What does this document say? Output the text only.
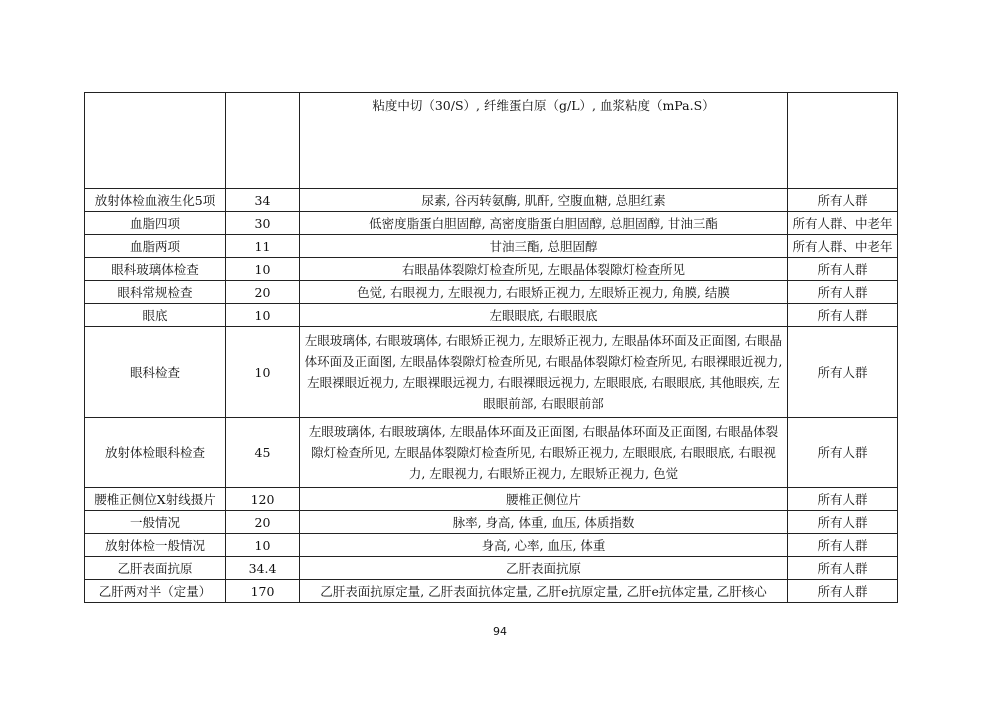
		粘度中切（30/S）, 纤维蛋白原（g/L）, 血浆粘度（mPa.S）	
放射体检血液生化5项	34	尿素, 谷丙转氨酶, 肌酐, 空腹血糖, 总胆红素	所有人群
血脂四项	30	低密度脂蛋白胆固醇, 高密度脂蛋白胆固醇, 总胆固醇, 甘油三酯	所有人群、中老年
血脂两项	11	甘油三酯, 总胆固醇	所有人群、中老年
眼科玻璃体检查	10	右眼晶体裂隙灯检查所见, 左眼晶体裂隙灯检查所见	所有人群
眼科常规检查	20	色觉, 右眼视力, 左眼视力, 右眼矫正视力, 左眼矫正视力, 角膜, 结膜	所有人群
眼底	10	左眼眼底, 右眼眼底	所有人群
眼科检查	10	左眼玻璃体, 右眼玻璃体, 右眼矫正视力, 左眼矫正视力, 左眼晶体环面及正面图, 右眼晶体环面及正面图, 左眼晶体裂隙灯检查所见, 右眼晶体裂隙灯检查所见, 右眼裸眼近视力, 左眼裸眼近视力, 左眼裸眼远视力, 右眼裸眼远视力, 左眼眼底, 右眼眼底, 其他眼疾, 左眼眼前部, 右眼眼前部	所有人群
放射体检眼科检查	45	左眼玻璃体, 右眼玻璃体, 左眼晶体环面及正面图, 右眼晶体环面及正面图, 右眼晶体裂隙灯检查所见, 左眼晶体裂隙灯检查所见, 右眼矫正视力, 左眼眼底, 右眼眼底, 右眼视力, 左眼视力, 右眼矫正视力, 左眼矫正视力, 色觉	所有人群
腰椎正侧位X射线摄片	120	腰椎正侧位片	所有人群
一般情况	20	脉率, 身高, 体重, 血压, 体质指数	所有人群
放射体检一般情况	10	身高, 心率, 血压, 体重	所有人群
乙肝表面抗原	34.4	乙肝表面抗原	所有人群
乙肝两对半（定量）	170	乙肝表面抗原定量, 乙肝表面抗体定量, 乙肝e抗原定量, 乙肝e抗体定量, 乙肝核心	所有人群
94
